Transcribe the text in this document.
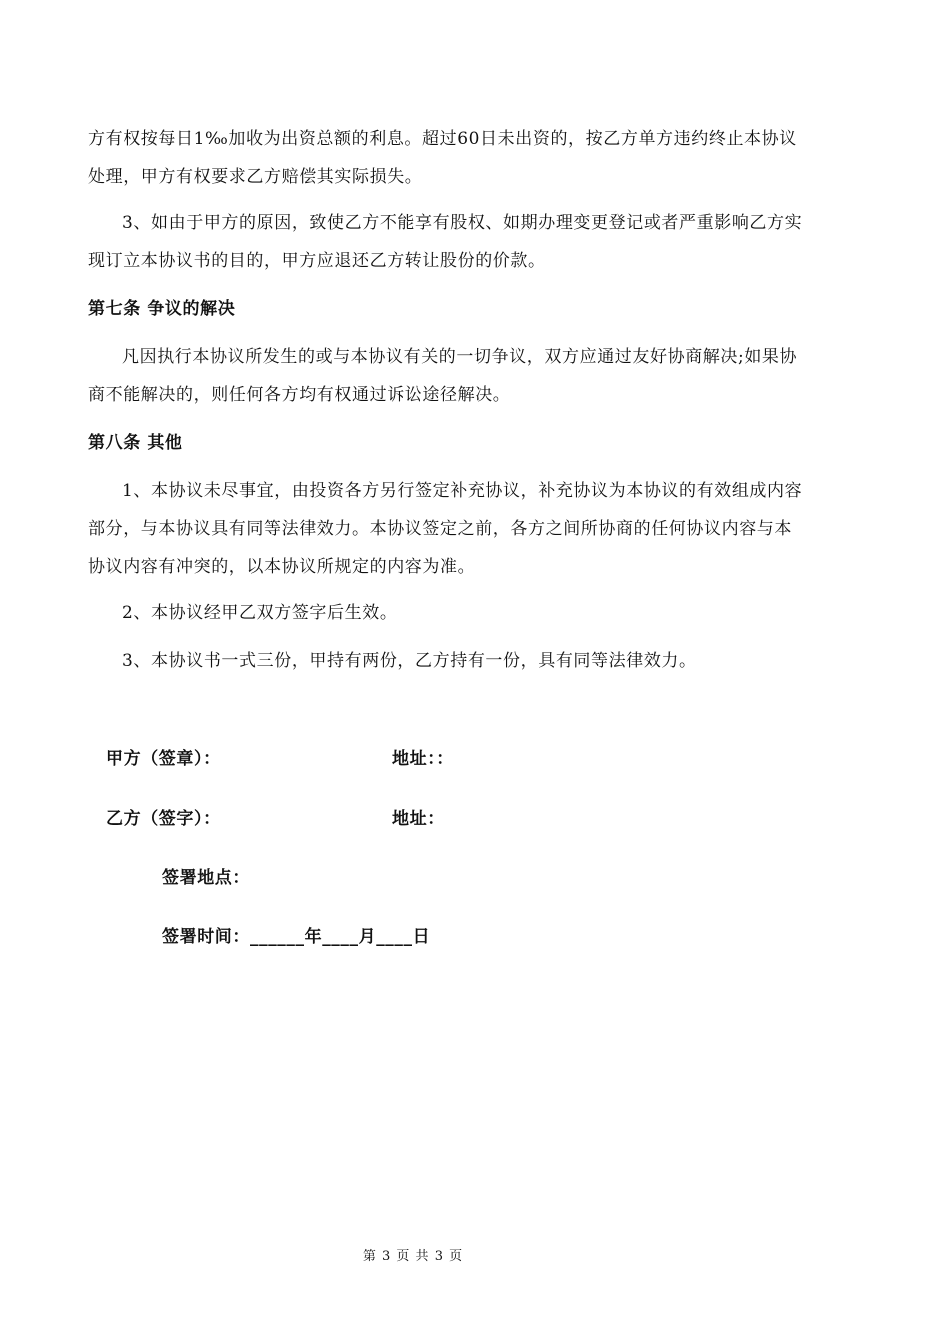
方有权按每日1‰加收为出资总额的利息。超过60日未出资的，按乙方单方违约终止本协议
处理，甲方有权要求乙方赔偿其实际损失。
3、如由于甲方的原因，致使乙方不能享有股权、如期办理变更登记或者严重影响乙方实
现订立本协议书的目的，甲方应退还乙方转让股份的价款。
第七条 争议的解决
凡因执行本协议所发生的或与本协议有关的一切争议，双方应通过友好协商解决;如果协
商不能解决的，则任何各方均有权通过诉讼途径解决。
第八条 其他
1、本协议未尽事宜，由投资各方另行签定补充协议，补充协议为本协议的有效组成内容
部分，与本协议具有同等法律效力。本协议签定之前，各方之间所协商的任何协议内容与本
协议内容有冲突的，以本协议所规定的内容为准。
2、本协议经甲乙双方签字后生效。
3、本协议书一式三份，甲持有两份，乙方持有一份，具有同等法律效力。
甲方（签章）：	地址：：
乙方（签字）：	地址：
签署地点：
签署时间：______年____月____日
第 3 页 共 3 页
